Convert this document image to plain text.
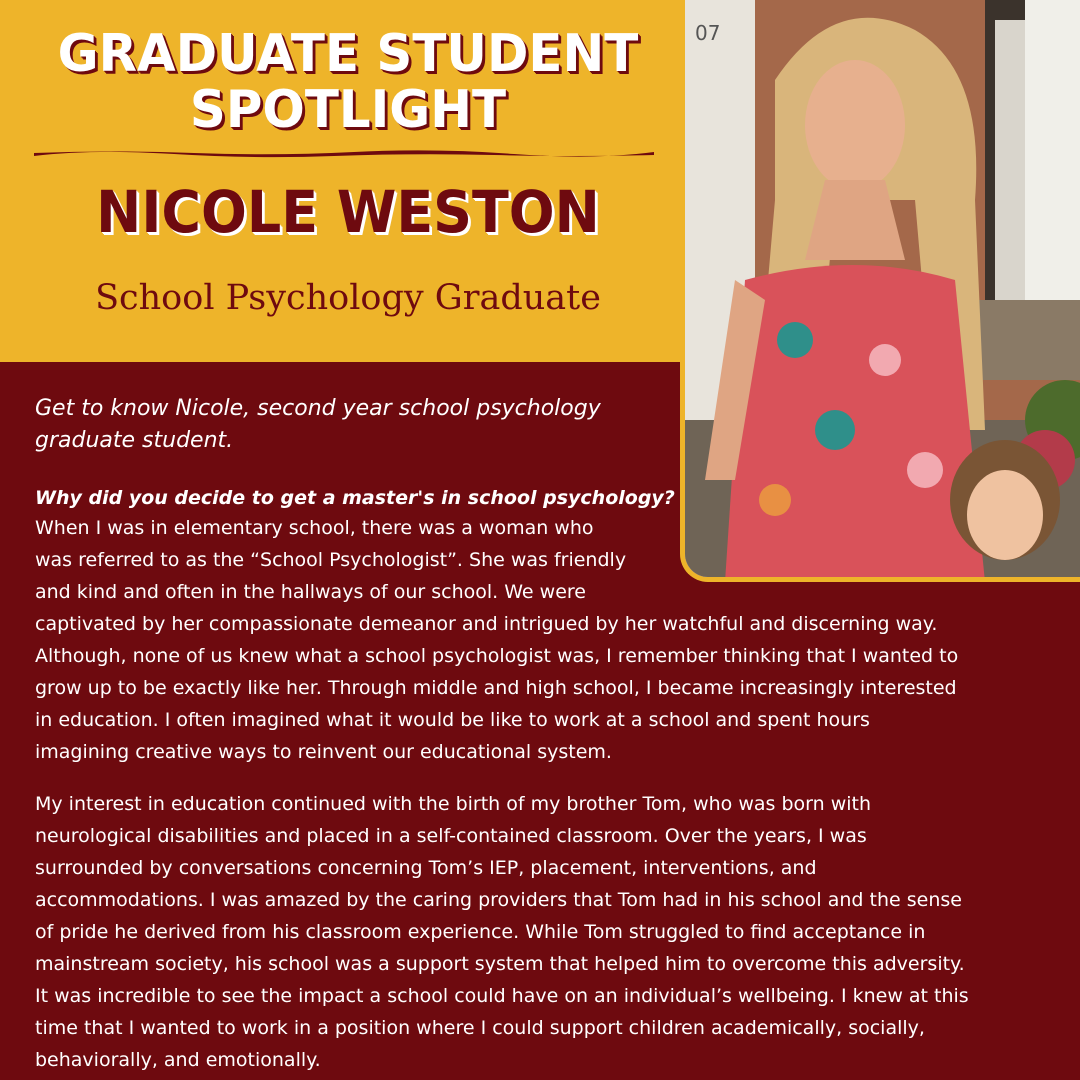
GRADUATE STUDENT
SPOTLIGHT
NICOLE WESTON
School Psychology Graduate
07
Get to know Nicole, second year school psychology graduate student.
Why did you decide to get a master's in school psychology?
When I was in elementary school, there was a woman who
was referred to as the “School Psychologist”. She was friendly
and kind and often in the hallways of our school. We were
captivated by her compassionate demeanor and intrigued by her watchful and discerning way.
Although, none of us knew what a school psychologist was, I remember thinking that I wanted to
grow up to be exactly like her. Through middle and high school, I became increasingly interested
in education. I often imagined what it would be like to work at a school and spent hours
imagining creative ways to reinvent our educational system.
My interest in education continued with the birth of my brother Tom, who was born with
neurological disabilities and placed in a self-contained classroom. Over the years, I was
surrounded by conversations concerning Tom’s IEP, placement, interventions, and
accommodations. I was amazed by the caring providers that Tom had in his school and the sense
of pride he derived from his classroom experience. While Tom struggled to find acceptance in
mainstream society, his school was a support system that helped him to overcome this adversity.
It was incredible to see the impact a school could have on an individual’s wellbeing. I knew at this
time that I wanted to work in a position where I could support children academically, socially,
behaviorally, and emotionally.
